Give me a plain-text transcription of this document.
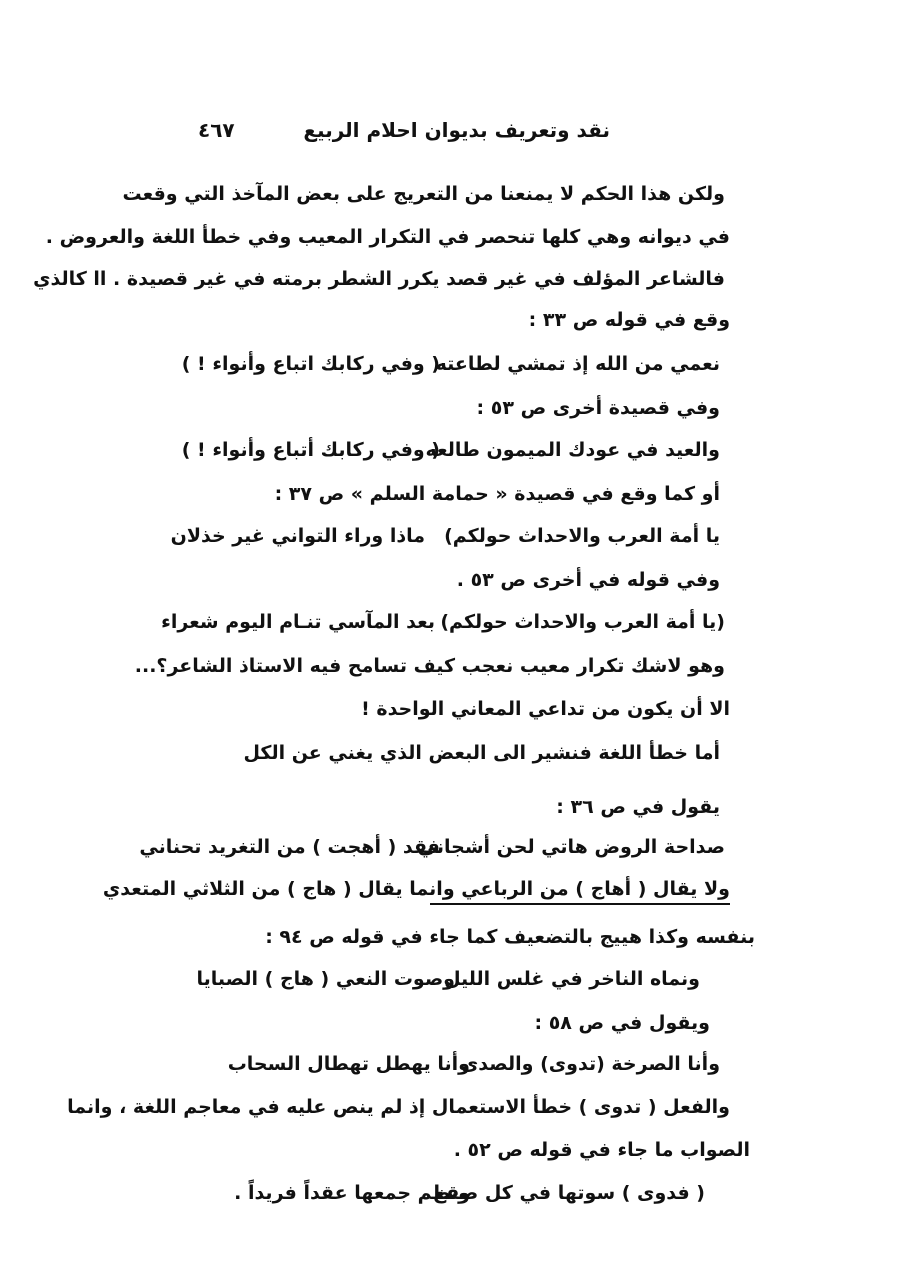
٤٦٧	نقد وتعريف بديوان احلام الربيع
ولكن هذا الحكم لا يمنعنا من التعريج على بعض المآخذ التي وقعت
في ديوانه وهي كلها تنحصر في التكرار المعيب وفي خطأ اللغة والعروض .
فالشاعر المؤلف في غير قصد يكرر الشطر برمته في غير قصيدة . اا كالذي
وقع في قوله ص ٣٣ :
نعمي من الله إذ تمشي لطاعته
( وفي ركابك اتباع وأنواء ! )
وفي قصيدة أخرى ص ٥٣ :
والعيد في عودك الميمون طالعه
( وفي ركابك أتباع وأنواء ! )
أو كما وقع في قصيدة « حمامة السلم » ص ٣٧ :
يا أمة العرب والاحداث حولكم)
ماذا وراء التواني غير خذلان
وفي قوله في أخرى ص ٥٣ .
(يا أمة العرب والاحداث حولكم)
بعد المآسي تنـام اليوم شعراء
وهو لاشك تكرار معيب نعجب كيف تسامح فيه الاستاذ الشاعر؟...
الا أن يكون من تداعي المعاني الواحدة !
أما خطأ اللغة فنشير الى البعض الذي يغني عن الكل
يقول في ص ٣٦ :
صداحة الروض هاتي لحن أشجاني
فقد ( أهجت ) من التغريد تحناني
ولا يقال ( أهاج ) من الرباعي وانما يقال ( هاج ) من الثلاثي المتعدي
بنفسه وكذا هييج بالتضعيف كما جاء في قوله ص ٩٤ :
ونماه الناخر في غلس الليل
وصوت النعي ( هاج ) الصبايا
ويقول في ص ٥٨ :
وأنا الصرخة (تدوى) والصدى
وأنا يهطل تهطال السحاب
والفعل ( تدوى ) خطأ الاستعمال إذ لم ينص عليه في معاجم اللغة ، وانما
الصواب ما جاء في قوله ص ٥٢ .
( فدوى ) سوتها في كل صقع
ونظم جمعها عقداً فريداً .
